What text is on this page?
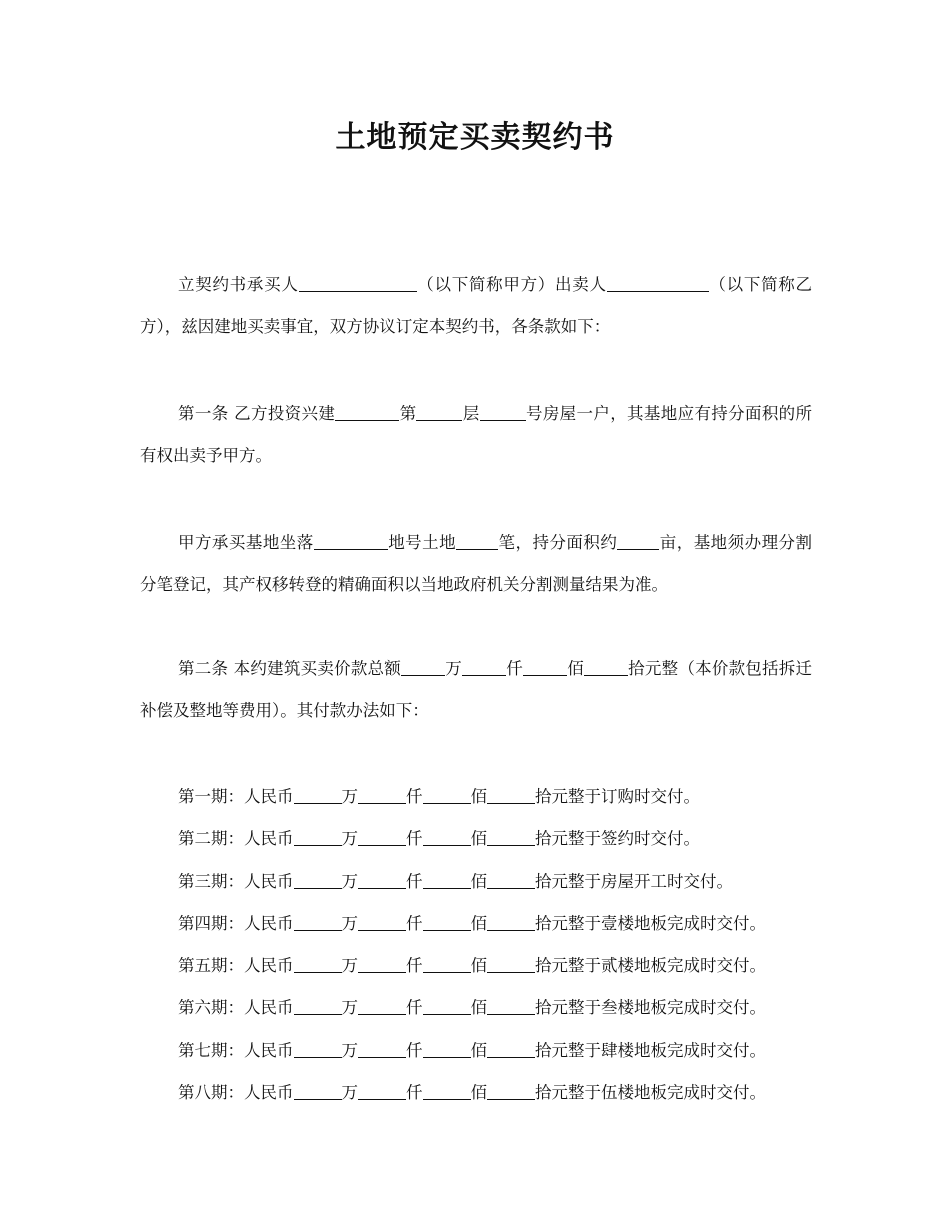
土地预定买卖契约书
立契约书承买人	（以下简称甲方）出卖人	（以下简称乙方），兹因建地买卖事宜，双方协议订定本契约书，各条款如下：
第一条 乙方投资兴建	第	层	号房屋一户，其基地应有持分面积的所有权出卖予甲方。
甲方承买基地坐落	地号土地	笔，持分面积约	亩，基地须办理分割分笔登记，其产权移转登的精确面积以当地政府机关分割测量结果为准。
第二条 本约建筑买卖价款总额	万	仟	佰	拾元整（本价款包括拆迁补偿及整地等费用）。其付款办法如下：
第一期：人民币	万	仟	佰	拾元整于订购时交付。
第二期：人民币	万	仟	佰	拾元整于签约时交付。
第三期：人民币	万	仟	佰	拾元整于房屋开工时交付。
第四期：人民币	万	仟	佰	拾元整于壹楼地板完成时交付。
第五期：人民币	万	仟	佰	拾元整于贰楼地板完成时交付。
第六期：人民币	万	仟	佰	拾元整于叁楼地板完成时交付。
第七期：人民币	万	仟	佰	拾元整于肆楼地板完成时交付。
第八期：人民币	万	仟	佰	拾元整于伍楼地板完成时交付。
